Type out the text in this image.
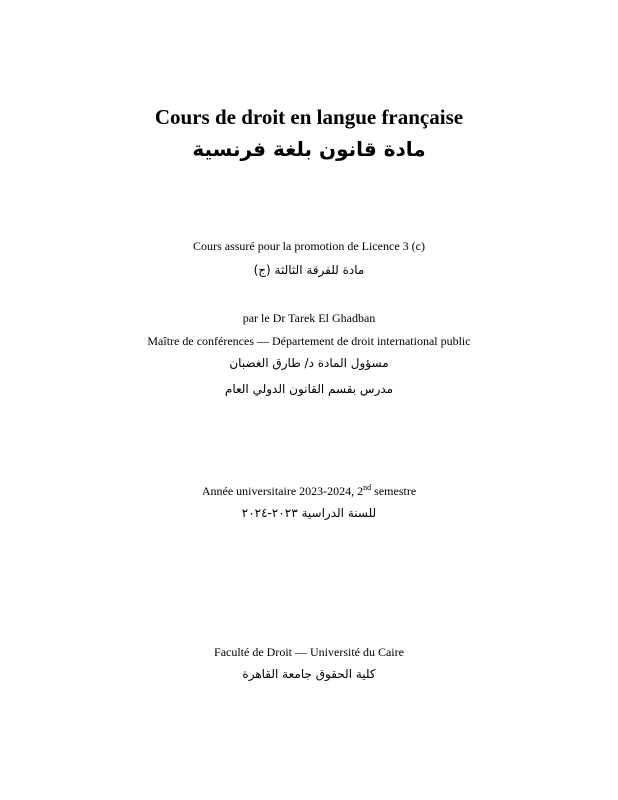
Cours de droit en langue française
مادة قانون بلغة فرنسية
Cours assuré pour la promotion de Licence 3 (c)
مادة للفرقة الثالثة (ج)
par le Dr Tarek El Ghadban
Maître de conférences — Département de droit international public
مسؤول المادة د/ طارق الغضبان
مدرس بقسم القانون الدولي العام
Année universitaire 2023-2024, 2nd semestre
للسنة الدراسية ٢٠٢٣-٢٠٢٤
Faculté de Droit — Université du Caire
كلية الحقوق جامعة القاهرة
